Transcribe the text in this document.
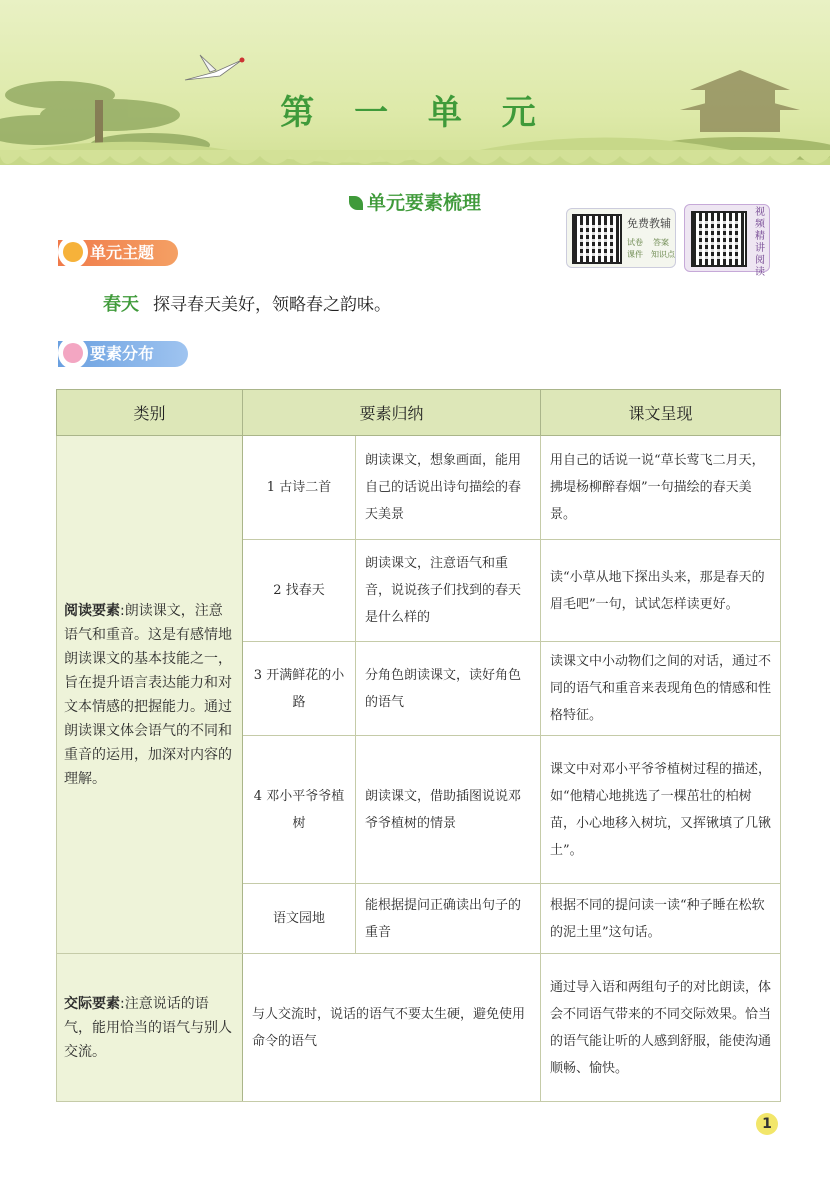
第 一 单 元
单元要素梳理
免费教辅
试卷 答案
课件 知识点
视频精讲阅读
单元主题
春天 探寻春天美好，领略春之韵味。
要素分布
类别	要素归纳		课文呈现
阅读要素:朗读课文，注意语气和重音。这是有感情地朗读课文的基本技能之一，旨在提升语言表达能力和对文本情感的把握能力。通过朗读课文体会语气的不同和重音的运用，加深对内容的理解。	1 古诗二首	朗读课文，想象画面，能用自己的话说出诗句描绘的春天美景	用自己的话说一说“草长莺飞二月天，拂堤杨柳醉春烟”一句描绘的春天美景。
	2 找春天	朗读课文，注意语气和重音，说说孩子们找到的春天是什么样的	读“小草从地下探出头来，那是春天的眉毛吧”一句，试试怎样读更好。
	3 开满鲜花的小路	分角色朗读课文，读好角色的语气	读课文中小动物们之间的对话，通过不同的语气和重音来表现角色的情感和性格特征。
	4 邓小平爷爷植树	朗读课文，借助插图说说邓爷爷植树的情景	课文中对邓小平爷爷植树过程的描述，如“他精心地挑选了一棵茁壮的柏树苗，小心地移入树坑，又挥锹填了几锹土”。
	语文园地	能根据提问正确读出句子的重音	根据不同的提问读一读“种子睡在松软的泥土里”这句话。
交际要素:注意说话的语气，能用恰当的语气与别人交流。	与人交流时，说话的语气不要太生硬，避免使用命令的语气		通过导入语和两组句子的对比朗读，体会不同语气带来的不同交际效果。恰当的语气能让听的人感到舒服，能使沟通顺畅、愉快。
1
